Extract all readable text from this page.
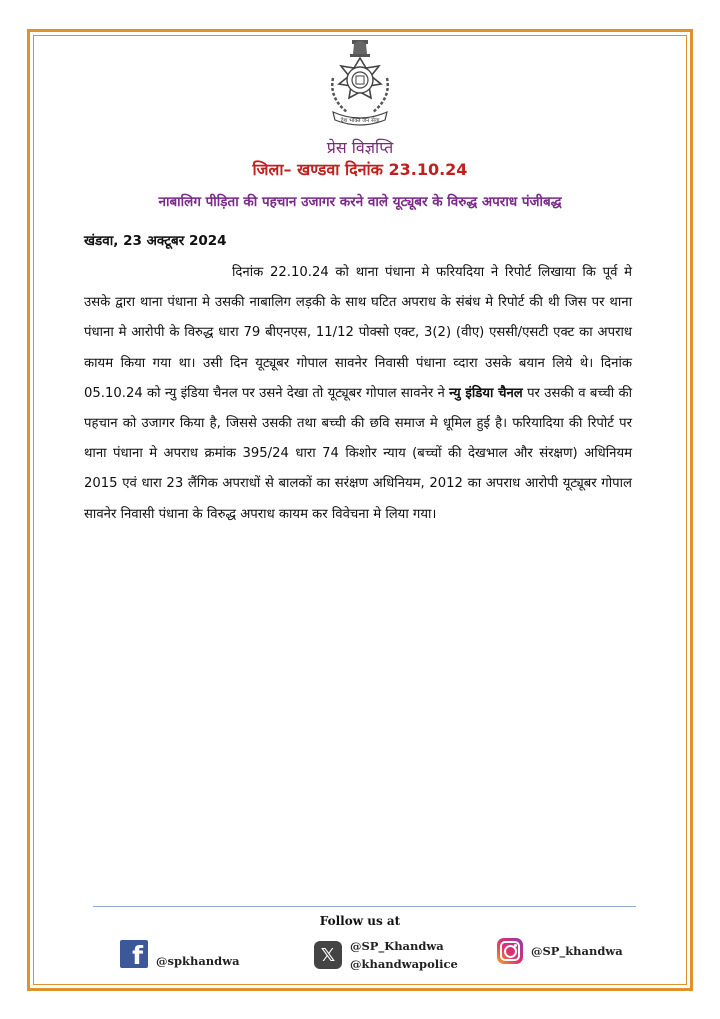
देश भक्ति जन सेवा
प्रेस विज्ञप्ति
जिला– खण्डवा दिनांक 23.10.24
नाबालिग पीड़िता की पहचान उजागर करने वाले यूट्यूबर के विरुद्ध अपराध पंजीबद्ध
खंडवा, 23 अक्टूबर 2024
दिनांक 22.10.24 को थाना पंधाना मे फरियदिया ने रिपोर्ट लिखाया कि पूर्व मे उसके द्वारा थाना पंधाना मे उसकी नाबालिग लड़की के साथ घटित अपराध के संबंध मे रिपोर्ट की थी जिस पर थाना पंधाना मे आरोपी के विरुद्ध धारा 79 बीएनएस, 11/12 पोक्सो एक्ट, 3(2) (वीए) एससी/एसटी एक्ट का अपराध कायम किया गया था। उसी दिन यूट्यूबर गोपाल सावनेर निवासी पंधाना व्दारा उसके बयान लिये थे। दिनांक 05.10.24 को न्यु इंडिया चैनल पर उसने देखा तो यूट्यूबर गोपाल सावनेर ने न्यु इंडिया चैनल पर उसकी व बच्ची की पहचान को उजागर किया है, जिससे उसकी तथा बच्ची की छवि समाज मे धूमिल हुई है। फरियादिया की रिपोर्ट पर थाना पंधाना मे अपराध क्रमांक 395/24 धारा 74 किशोर न्याय (बच्चों की देखभाल और संरक्षण) अधिनियम 2015 एवं धारा 23 लैंगिक अपराधों से बालकों का सरंक्षण अधिनियम, 2012 का अपराध आरोपी यूट्यूबर गोपाल सावनेर निवासी पंधाना के विरुद्ध अपराध कायम कर विवेचना मे लिया गया।
Follow us at
f @spkhandwa	𝕏	@SP_Khandwa
@khandwapolice
@SP_khandwa
